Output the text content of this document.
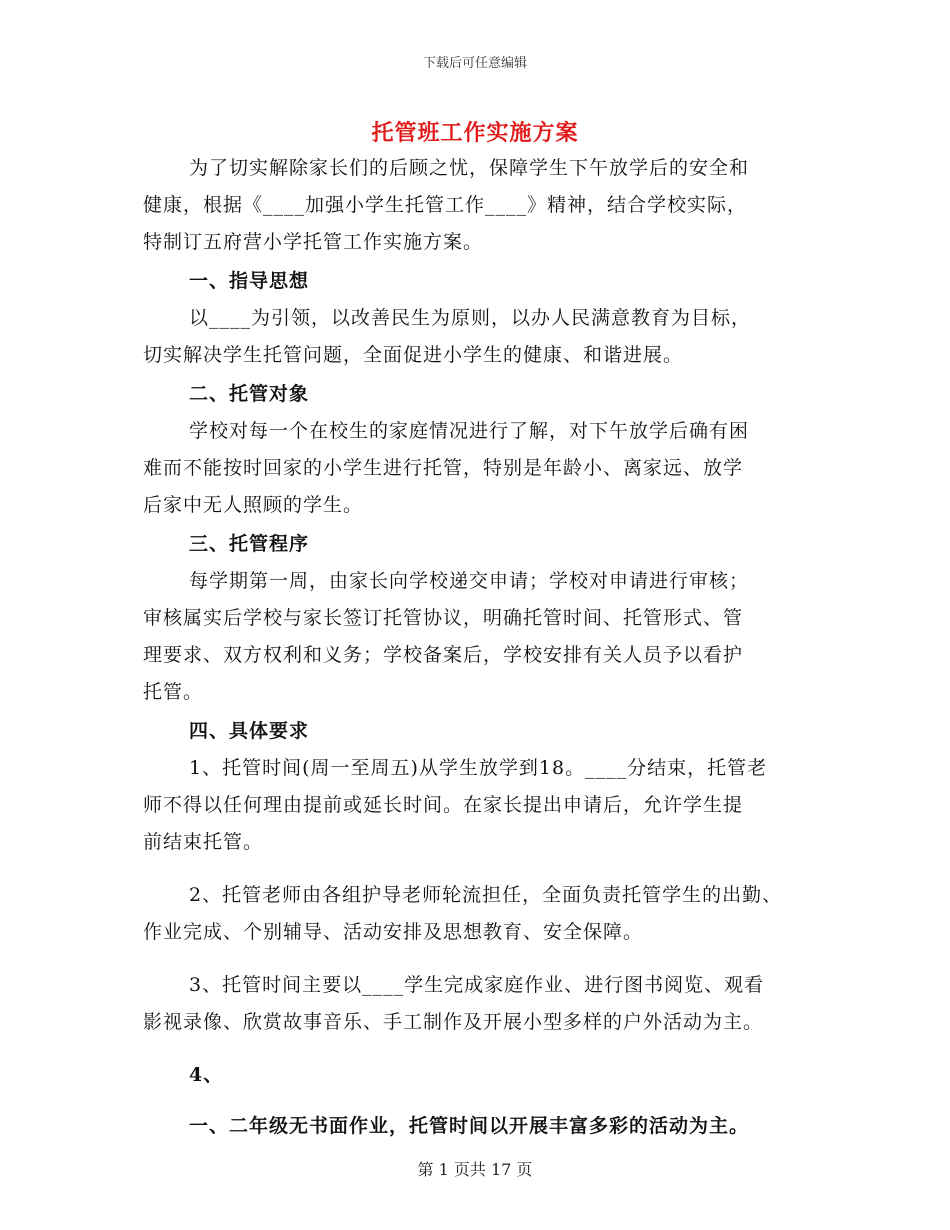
下载后可任意编辑
托管班工作实施方案
为了切实解除家长们的后顾之忧，保障学生下午放学后的安全和
健康，根据《____加强小学生托管工作____》精神，结合学校实际，
特制订五府营小学托管工作实施方案。
一、指导思想
以____为引领，以改善民生为原则，以办人民满意教育为目标，
切实解决学生托管问题，全面促进小学生的健康、和谐进展。
二、托管对象
学校对每一个在校生的家庭情况进行了解，对下午放学后确有困
难而不能按时回家的小学生进行托管，特别是年龄小、离家远、放学
后家中无人照顾的学生。
三、托管程序
每学期第一周，由家长向学校递交申请；学校对申请进行审核；
审核属实后学校与家长签订托管协议，明确托管时间、托管形式、管
理要求、双方权利和义务；学校备案后，学校安排有关人员予以看护
托管。
四、具体要求
1、托管时间(周一至周五)从学生放学到18。____分结束，托管老
师不得以任何理由提前或延长时间。在家长提出申请后，允许学生提
前结束托管。
2、托管老师由各组护导老师轮流担任，全面负责托管学生的出勤、
作业完成、个别辅导、活动安排及思想教育、安全保障。
3、托管时间主要以____学生完成家庭作业、进行图书阅览、观看
影视录像、欣赏故事音乐、手工制作及开展小型多样的户外活动为主。
4、
一、二年级无书面作业，托管时间以开展丰富多彩的活动为主。
第 1 页共 17 页
